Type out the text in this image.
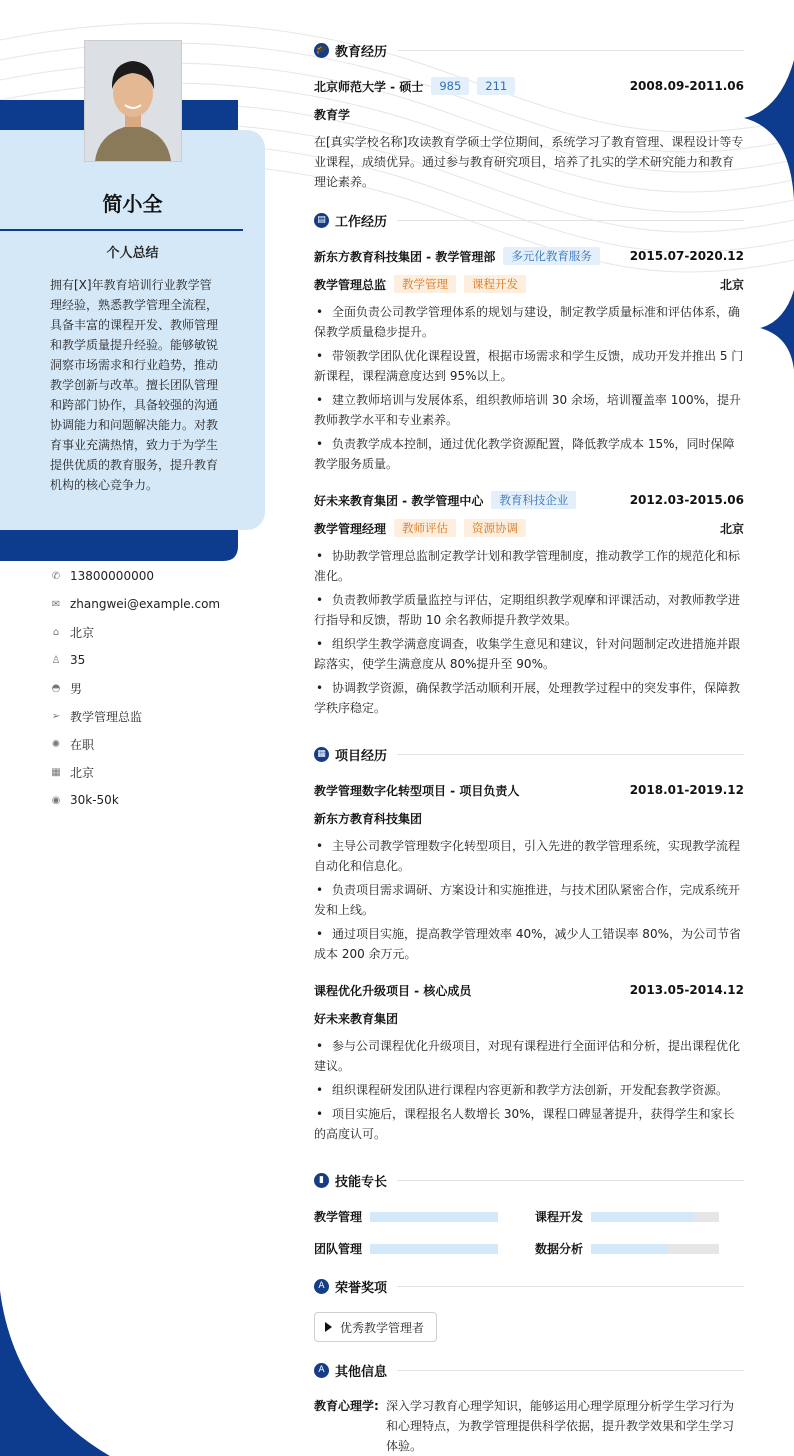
简小全
个人总结
拥有[X]年教育培训行业教学管理经验，熟悉教学管理全流程，具备丰富的课程开发、教师管理和教学质量提升经验。能够敏锐洞察市场需求和行业趋势，推动教学创新与改革。擅长团队管理和跨部门协作，具备较强的沟通协调能力和问题解决能力。对教育事业充满热情，致力于为学生提供优质的教育服务，提升教育机构的核心竞争力。
✆ 13800000000
✉ zhangwei@example.com
⌂ 北京
♙ 35
◓ 男
➢ 教学管理总监
✺ 在职
▦ 北京
◉ 30k-50k
🎓 教育经历
北京师范大学 - 硕士	985	211	2008.09-2011.06
教育学
在[真实学校名称]攻读教育学硕士学位期间，系统学习了教育管理、课程设计等专业课程，成绩优异。通过参与教育研究项目，培养了扎实的学术研究能力和教育理论素养。
▤ 工作经历
新东方教育科技集团 - 教学管理部	多元化教育服务	2015.07-2020.12
教学管理总监	教学管理	课程开发	北京
• 全面负责公司教学管理体系的规划与建设，制定教学质量标准和评估体系，确保教学质量稳步提升。
• 带领教学团队优化课程设置，根据市场需求和学生反馈，成功开发并推出 5 门新课程，课程满意度达到 95%以上。
• 建立教师培训与发展体系，组织教师培训 30 余场，培训覆盖率 100%，提升教师教学水平和专业素养。
• 负责教学成本控制，通过优化教学资源配置，降低教学成本 15%，同时保障教学服务质量。
好未来教育集团 - 教学管理中心	教育科技企业	2012.03-2015.06
教学管理经理	教师评估	资源协调	北京
• 协助教学管理总监制定教学计划和教学管理制度，推动教学工作的规范化和标准化。
• 负责教师教学质量监控与评估，定期组织教学观摩和评课活动，对教师教学进行指导和反馈，帮助 10 余名教师提升教学效果。
• 组织学生教学满意度调查，收集学生意见和建议，针对问题制定改进措施并跟踪落实，使学生满意度从 80%提升至 90%。
• 协调教学资源，确保教学活动顺利开展，处理教学过程中的突发事件，保障教学秩序稳定。
▦ 项目经历
教学管理数字化转型项目 - 项目负责人	2018.01-2019.12
新东方教育科技集团
• 主导公司教学管理数字化转型项目，引入先进的教学管理系统，实现教学流程自动化和信息化。
• 负责项目需求调研、方案设计和实施推进，与技术团队紧密合作，完成系统开发和上线。
• 通过项目实施，提高教学管理效率 40%，减少人工错误率 80%，为公司节省成本 200 余万元。
课程优化升级项目 - 核心成员	2013.05-2014.12
好未来教育集团
• 参与公司课程优化升级项目，对现有课程进行全面评估和分析，提出课程优化建议。
• 组织课程研发团队进行课程内容更新和教学方法创新，开发配套教学资源。
• 项目实施后，课程报名人数增长 30%，课程口碑显著提升，获得学生和家长的高度认可。
▮ 技能专长
教学管理	课程开发
团队管理	数据分析
A 荣誉奖项
优秀教学管理者
A 其他信息
教育心理学: 深入学习教育心理学知识，能够运用心理学原理分析学生学习行为和心理特点，为教学管理提供科学依据，提升教学效果和学生学习体验。
